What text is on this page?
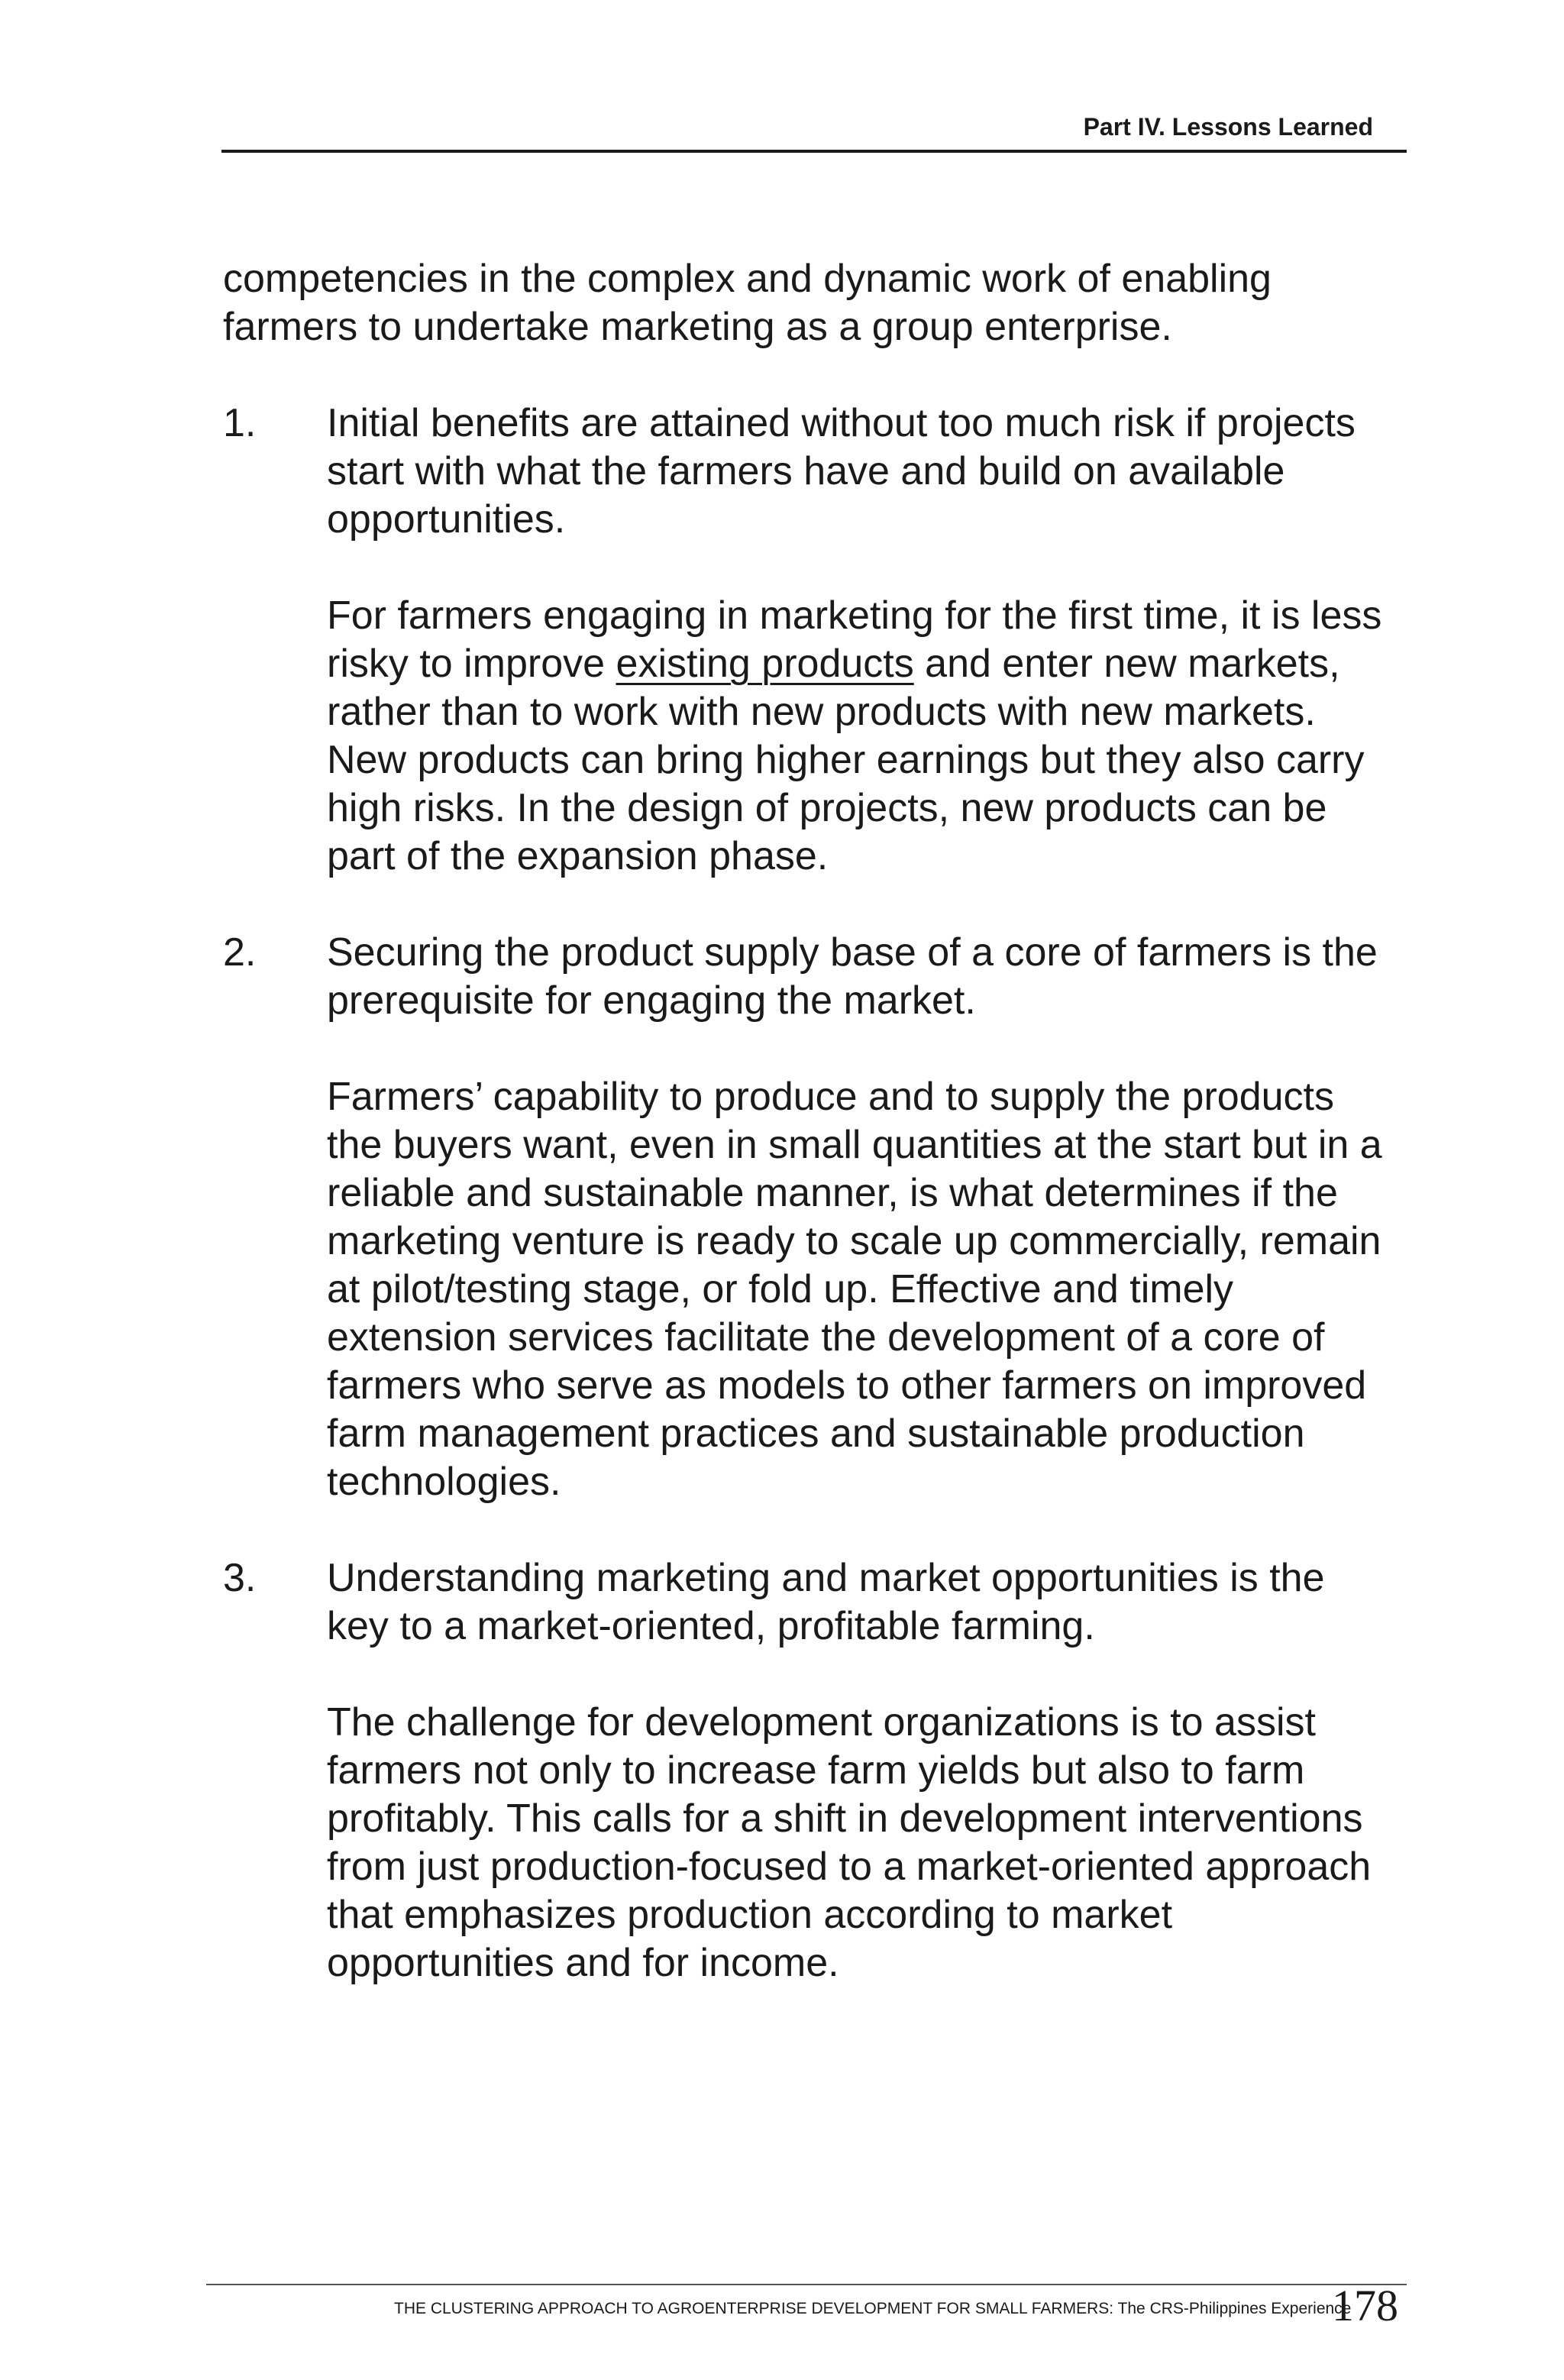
Part IV. Lessons Learned

competencies in the complex and dynamic work of enabling farmers to undertake marketing as a group enterprise.

1. Initial benefits are attained without too much risk if projects start with what the farmers have and build on available opportunities.

For farmers engaging in marketing for the first time, it is less risky to improve existing products and enter new markets, rather than to work with new products with new markets. New products can bring higher earnings but they also carry high risks. In the design of projects, new products can be part of the expansion phase.

2. Securing the product supply base of a core of farmers is the prerequisite for engaging the market.

Farmers’ capability to produce and to supply the products the buyers want, even in small quantities at the start but in a reliable and sustainable manner, is what determines if the marketing venture is ready to scale up commercially, remain at pilot/testing stage, or fold up. Effective and timely extension services facilitate the development of a core of farmers who serve as models to other farmers on improved farm management practices and sustainable production technologies.

3. Understanding marketing and market opportunities is the key to a market-oriented, profitable farming.

The challenge for development organizations is to assist farmers not only to increase farm yields but also to farm profitably. This calls for a shift in development interventions from just production-focused to a market-oriented approach that emphasizes production according to market opportunities and for income.

THE CLUSTERING APPROACH TO AGROENTERPRISE DEVELOPMENT FOR SMALL FARMERS: The CRS-Philippines Experience
178
